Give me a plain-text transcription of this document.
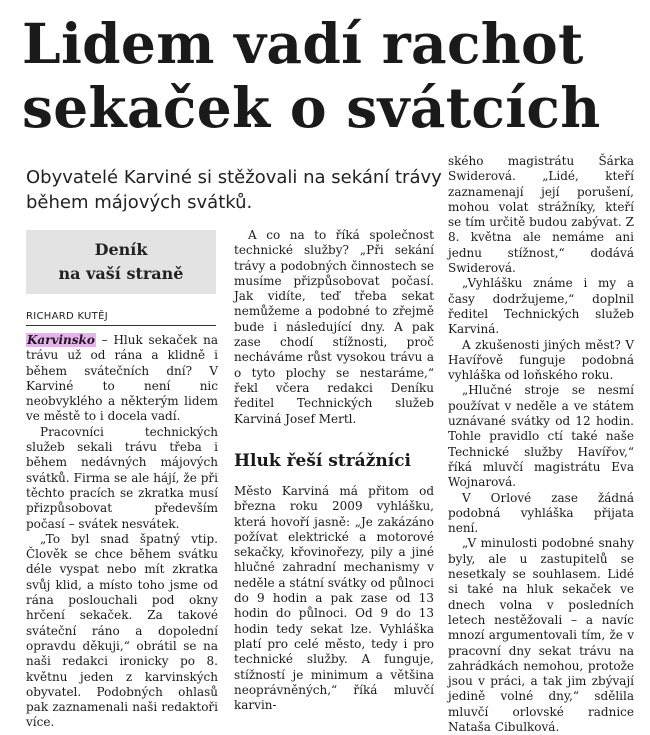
Lidem vadí rachot sekaček o svátcích

Obyvatelé Karviné si stěžovali na sekání trávy během májových svátků.

Deník
na vaší straně
RICHARD KUTĚJ

Karvinsko – Hluk sekaček na trávu už od rána a klidně i během svátečních dní? V Karviné to není nic neobvyklého a některým lidem ve městě to i docela vadí.

Pracovníci technických služeb sekali trávu třeba i během nedávných májových svátků. Firma se ale hájí, že při těchto pracích se zkratka musí přizpůsobovat především počasí – svátek nesvátek.

„To byl snad špatný vtip. Člověk se chce během svátku déle vyspat nebo mít zkratka svůj klid, a místo toho jsme od rána poslouchali pod okny hrčení sekaček. Za takové sváteční ráno a dopolední opravdu děkuji,“ obrátil se na naši redakci ironicky po 8. květnu jeden z karvinských obyvatel. Podobných ohlasů pak zaznamenali naši redaktoři více.

A co na to říká společnost technické služby? „Při sekání trávy a podobných činnostech se musíme přizpůsobovat počasí. Jak vidíte, teď třeba sekat nemůžeme a podobné to zřejmě bude i následující dny. A pak zase chodí stížnosti, proč necháváme růst vysokou trávu a o tyto plochy se nestaráme,“ řekl včera redakci Deníku ředitel Technických služeb Karviná Josef Mertl.

Hluk řeší strážníci

Město Karviná má přitom od března roku 2009 vyhlášku, která hovoří jasně: „Je zakázáno požívat elektrické a motorové sekačky, křovinořezy, pily a jiné hlučné zahradní mechanismy v neděle a státní svátky od půlnoci do 9 hodin a pak zase od 13 hodin do půlnoci. Od 9 do 13 hodin tedy sekat lze. Vyhláška platí pro celé město, tedy i pro technické služby. A funguje, stížností je minimum a většina neoprávněných,“ říká mluvčí karvin-

ského magistrátu Šárka Swiderová. „Lidé, kteří zaznamenají její porušení, mohou volat strážníky, kteří se tím určitě budou zabývat. Z 8. května ale nemáme ani jednu stížnost,“ dodává Swiderová.

„Vyhlášku známe i my a časy dodržujeme,“ doplnil ředitel Technických služeb Karviná.

A zkušenosti jiných měst? V Havířově funguje podobná vyhláška od loňského roku.

„Hlučné stroje se nesmí používat v neděle a ve státem uznávané svátky od 12 hodin. Tohle pravidlo ctí také naše Technické služby Havířov,“ říká mluvčí magistrátu Eva Wojnarová.

V Orlové zase žádná podobná vyhláška přijata není.

„V minulosti podobné snahy byly, ale u zastupitelů se nesetkaly se souhlasem. Lidé si také na hluk sekaček ve dnech volna v posledních letech nestěžovali – a navíc mnozí argumentovali tím, že v pracovní dny sekat trávu na zahrádkách nemohou, protože jsou v práci, a tak jim zbývají jedině volné dny,“ sdělila mluvčí orlovské radnice Nataša Cibulková.
